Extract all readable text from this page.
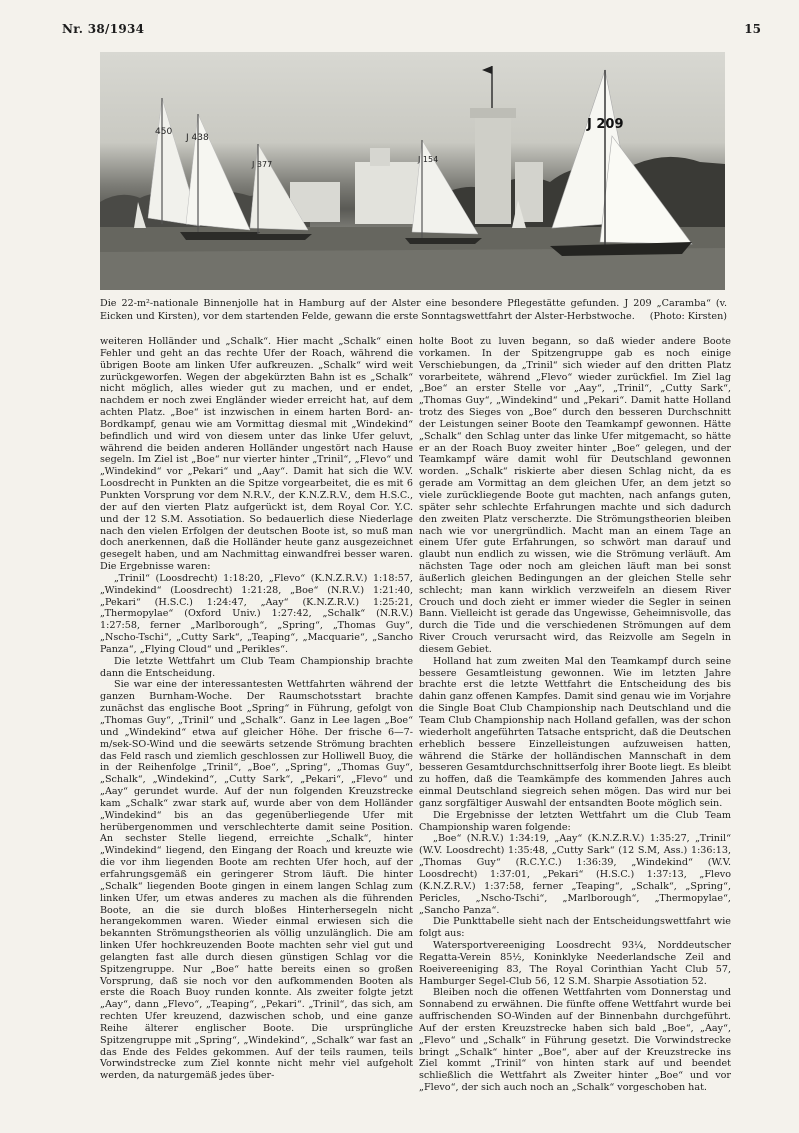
Nr. 38/1934	15
450
J 438
J 377
J 154
J 209
Die 22-m²-nationale Binnenjolle hat in Hamburg auf der Alster eine besondere Pflegestätte gefunden. J 209 „Caramba“ (v. Eicken und Kirsten), vor dem startenden Felde, gewann die erste Sonntagswettfahrt der Alster-Herbstwoche. (Photo: Kirsten)

weiteren Holländer und „Schalk“. Hier macht „Schalk“ einen Fehler und geht an das rechte Ufer der Roach, während die übrigen Boote am linken Ufer aufkreuzen. „Schalk“ wird weit zurückgeworfen. Wegen der abgekürzten Bahn ist es „Schalk“ nicht möglich, alles wieder gut zu machen, und er endet, nachdem er noch zwei Engländer wieder erreicht hat, auf dem achten Platz. „Boe“ ist inzwischen in einem harten Bord- an-Bordkampf, genau wie am Vormittag diesmal mit „Windekind“ befindlich und wird von diesem unter das linke Ufer geluvt, während die beiden anderen Holländer ungestört nach Hause segeln. Im Ziel ist „Boe“ nur vierter hinter „Trinil“, „Flevo“ und „Windekind“ vor „Pekari“ und „Aay“. Damit hat sich die W.V. Loosdrecht in Punkten an die Spitze vorgearbeitet, die es mit 6 Punkten Vorsprung vor dem N.R.V., der K.N.Z.R.V., dem H.S.C., der auf den vierten Platz aufgerückt ist, dem Royal Cor. Y.C. und der 12 S.M. Assotiation. So bedauerlich diese Niederlage nach den vielen Erfolgen der deutschen Boote ist, so muß man doch anerkennen, daß die Holländer heute ganz ausgezeichnet gesegelt haben, und am Nachmittag einwandfrei besser waren. Die Ergebnisse waren:

„Trinil“ (Loosdrecht) 1:18:20, „Flevo“ (K.N.Z.R.V.) 1:18:57, „Windekind“ (Loosdrecht) 1:21:28, „Boe“ (N.R.V.) 1:21:40, „Pekari“ (H.S.C.) 1:24:47, „Aay“ (K.N.Z.R.V.) 1:25:21, „Thermopylae“ (Oxford Univ.) 1:27:42, „Schalk“ (N.R.V.) 1:27:58, ferner „Marlborough“, „Spring“, „Thomas Guy“, „Nscho-Tschi“, „Cutty Sark“, „Teaping“, „Macquarie“, „Sancho Panza“, „Flying Cloud“ und „Perikles“.

Die letzte Wettfahrt um Club Team Championship brachte dann die Entscheidung.

Sie war eine der interessantesten Wettfahrten während der ganzen Burnham-Woche. Der Raumschotsstart brachte zunächst das englische Boot „Spring“ in Führung, gefolgt von „Thomas Guy“, „Trinil“ und „Schalk“. Ganz in Lee lagen „Boe“ und „Windekind“ etwa auf gleicher Höhe. Der frische 6—7-m/sek-SO-Wind und die seewärts setzende Strömung brachten das Feld rasch und ziemlich geschlossen zur Holliwell Buoy, die in der Reihenfolge „Trinil“, „Boe“, „Spring“, „Thomas Guy“, „Schalk“, „Windekind“, „Cutty Sark“, „Pekari“, „Flevo“ und „Aay“ gerundet wurde. Auf der nun folgenden Kreuzstrecke kam „Schalk“ zwar stark auf, wurde aber von dem Holländer „Windekind“ bis an das gegenüberliegende Ufer mit herübergenommen und verschlechterte damit seine Position. An sechster Stelle liegend, erreichte „Schalk“, hinter „Windekind“ liegend, den Eingang der Roach und kreuzte wie die vor ihm liegenden Boote am rechten Ufer hoch, auf der erfahrungsgemäß ein geringerer Strom läuft. Die hinter „Schalk“ liegenden Boote gingen in einem langen Schlag zum linken Ufer, um etwas anderes zu machen als die führenden Boote, an die sie durch bloßes Hinterhersegeln nicht herangekommen waren. Wieder einmal erwiesen sich die bekannten Strömungstheorien als völlig unzulänglich. Die am linken Ufer hochkreuzenden Boote machten sehr viel gut und gelangten fast alle durch diesen günstigen Schlag vor die Spitzengruppe. Nur „Boe“ hatte bereits einen so großen Vorsprung, daß sie noch vor den aufkommenden Booten als erste die Roach Buoy runden konnte. Als zweiter folgte jetzt „Aay“, dann „Flevo“, „Teaping“, „Pekari“. „Trinil“, das sich, am rechten Ufer kreuzend, dazwischen schob, und eine ganze Reihe älterer englischer Boote. Die ursprüngliche Spitzengruppe mit „Spring“, „Windekind“, „Schalk“ war fast an das Ende des Feldes gekommen. Auf der teils raumen, teils Vorwindstrecke zum Ziel konnte nicht mehr viel aufgeholt werden, da naturgemäß jedes über-

holte Boot zu luven begann, so daß wieder andere Boote vorkamen. In der Spitzengruppe gab es noch einige Verschiebungen, da „Trinil“ sich wieder auf den dritten Platz vorarbeitete, während „Flevo“ wieder zurückfiel. Im Ziel lag „Boe“ an erster Stelle vor „Aay“, „Trinil“, „Cutty Sark“, „Thomas Guy“, „Windekind“ und „Pekari“. Damit hatte Holland trotz des Sieges von „Boe“ durch den besseren Durchschnitt der Leistungen seiner Boote den Teamkampf gewonnen. Hätte „Schalk“ den Schlag unter das linke Ufer mitgemacht, so hätte er an der Roach Buoy zweiter hinter „Boe“ gelegen, und der Teamkampf wäre damit wohl für Deutschland gewonnen worden. „Schalk“ riskierte aber diesen Schlag nicht, da es gerade am Vormittag an dem gleichen Ufer, an dem jetzt so viele zurückliegende Boote gut machten, nach anfangs guten, später sehr schlechte Erfahrungen machte und sich dadurch den zweiten Platz verscherzte. Die Strömungstheorien bleiben nach wie vor unergründlich. Macht man an einem Tage an einem Ufer gute Erfahrungen, so schwört man darauf und glaubt nun endlich zu wissen, wie die Strömung verläuft. Am nächsten Tage oder noch am gleichen läuft man bei sonst äußerlich gleichen Bedingungen an der gleichen Stelle sehr schlecht; man kann wirklich verzweifeln an diesem River Crouch und doch zieht er immer wieder die Segler in seinen Bann. Vielleicht ist gerade das Ungewisse, Geheimnisvolle, das durch die Tide und die verschiedenen Strömungen auf dem River Crouch verursacht wird, das Reizvolle am Segeln in diesem Gebiet.

Holland hat zum zweiten Mal den Teamkampf durch seine bessere Gesamtleistung gewonnen. Wie im letzten Jahre brachte erst die letzte Wettfahrt die Entscheidung des bis dahin ganz offenen Kampfes. Damit sind genau wie im Vorjahre die Single Boat Club Championship nach Deutschland und die Team Club Championship nach Holland gefallen, was der schon wiederholt angeführten Tatsache entspricht, daß die Deutschen erheblich bessere Einzelleistungen aufzuweisen hatten, während die Stärke der holländischen Mannschaft in dem besseren Gesamtdurchschnittserfolg ihrer Boote liegt. Es bleibt zu hoffen, daß die Teamkämpfe des kommenden Jahres auch einmal Deutschland siegreich sehen mögen. Das wird nur bei ganz sorgfältiger Auswahl der entsandten Boote möglich sein.

Die Ergebnisse der letzten Wettfahrt um die Club Team Championship waren folgende:

„Boe“ (N.R.V.) 1:34:19, „Aay“ (K.N.Z.R.V.) 1:35:27, „Trinil“ (W.V. Loosdrecht) 1:35:48, „Cutty Sark“ (12 S.M, Ass.) 1:36:13, „Thomas Guy“ (R.C.Y.C.) 1:36:39, „Windekind“ (W.V. Loosdrecht) 1:37:01, „Pekari“ (H.S.C.) 1:37:13, „Flevo (K.N.Z.R.V.) 1:37:58, ferner „Teaping“, „Schalk“, „Spring“, Pericles, „Nscho-Tschi“, „Marlborough“, „Thermopylae“, „Sancho Panza“.

Die Punkttabelle sieht nach der Entscheidungswettfahrt wie folgt aus:

Watersportvereeniging Loosdrecht 93¼, Norddeutscher Regatta-Verein 85½, Koninklyke Neederlandsche Zeil and Roeivereeniging 83, The Royal Corinthian Yacht Club 57, Hamburger Segel-Club 56, 12 S.M. Sharpie Assotiation 52.

Bleiben noch die offenen Wettfahrten vom Donnerstag und Sonnabend zu erwähnen. Die fünfte offene Wettfahrt wurde bei auffrischenden SO-Winden auf der Binnenbahn durchgeführt. Auf der ersten Kreuzstrecke haben sich bald „Boe“, „Aay“, „Flevo“ und „Schalk“ in Führung gesetzt. Die Vorwindstrecke bringt „Schalk“ hinter „Boe“, aber auf der Kreuzstrecke ins Ziel kommt „Trinil“ von hinten stark auf und beendet schließlich die Wettfahrt als Zweiter hinter „Boe“ und vor „Flevo“, der sich auch noch an „Schalk“ vorgeschoben hat.
